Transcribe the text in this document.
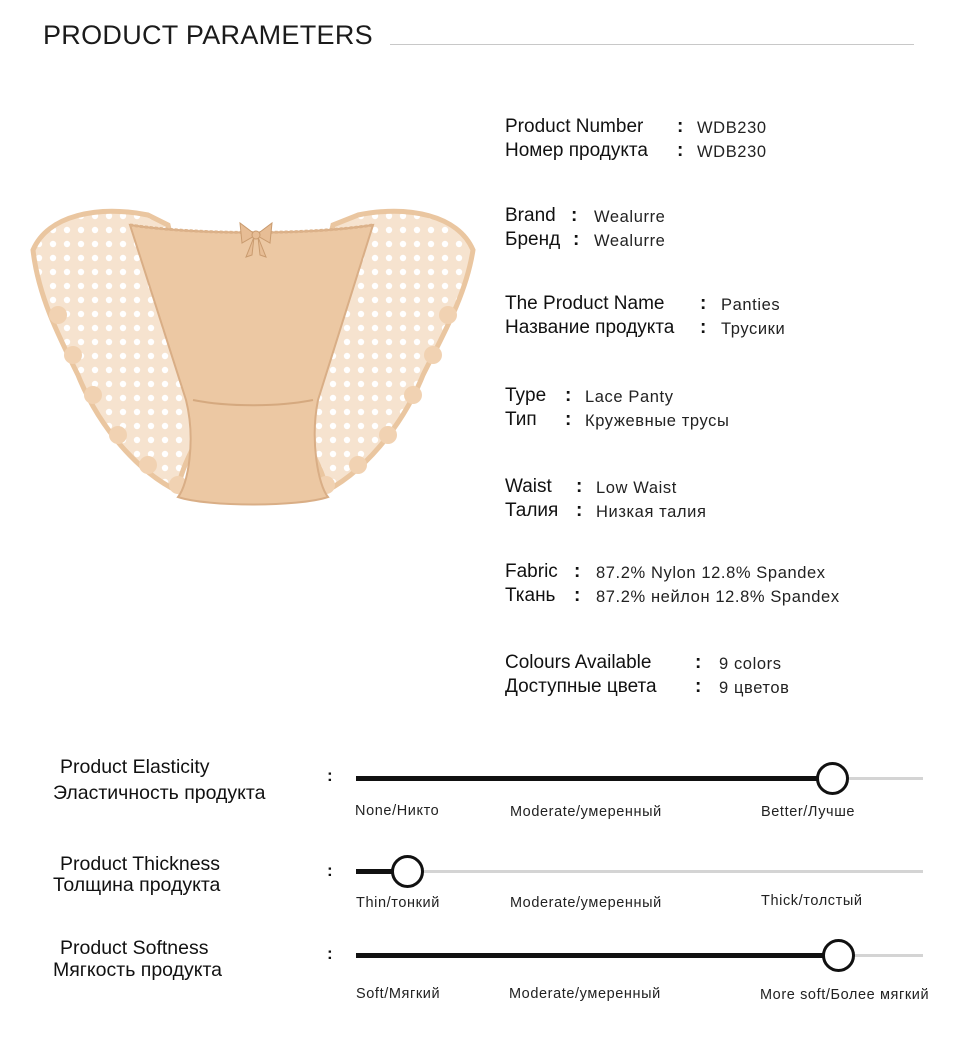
PRODUCT PARAMETERS
Product Number : WDB230
Номер продукта : WDB230
Brand : Wealurre
Бренд : Wealurre
The Product Name : Panties
Название продукта : Трусики
Type : Lace Panty
Тип : Кружевные трусы
Waist : Low Waist
Талия : Низкая талия
Fabric : 87.2% Nylon 12.8% Spandex
Ткань : 87.2% нейлон 12.8% Spandex
Colours Available : 9 colors
Доступные цвета : 9 цветов
Product Elasticity
Эластичность продукта
:
None/Никто	Moderate/умеренный	Better/Лучше
Product Thickness
Толщина продукта
:
Thin/тонкий	Moderate/умеренный	Thick/толстый
Product Softness
Мягкость продукта
:
Soft/Мягкий	Moderate/умеренный	More soft/Более мягкий
